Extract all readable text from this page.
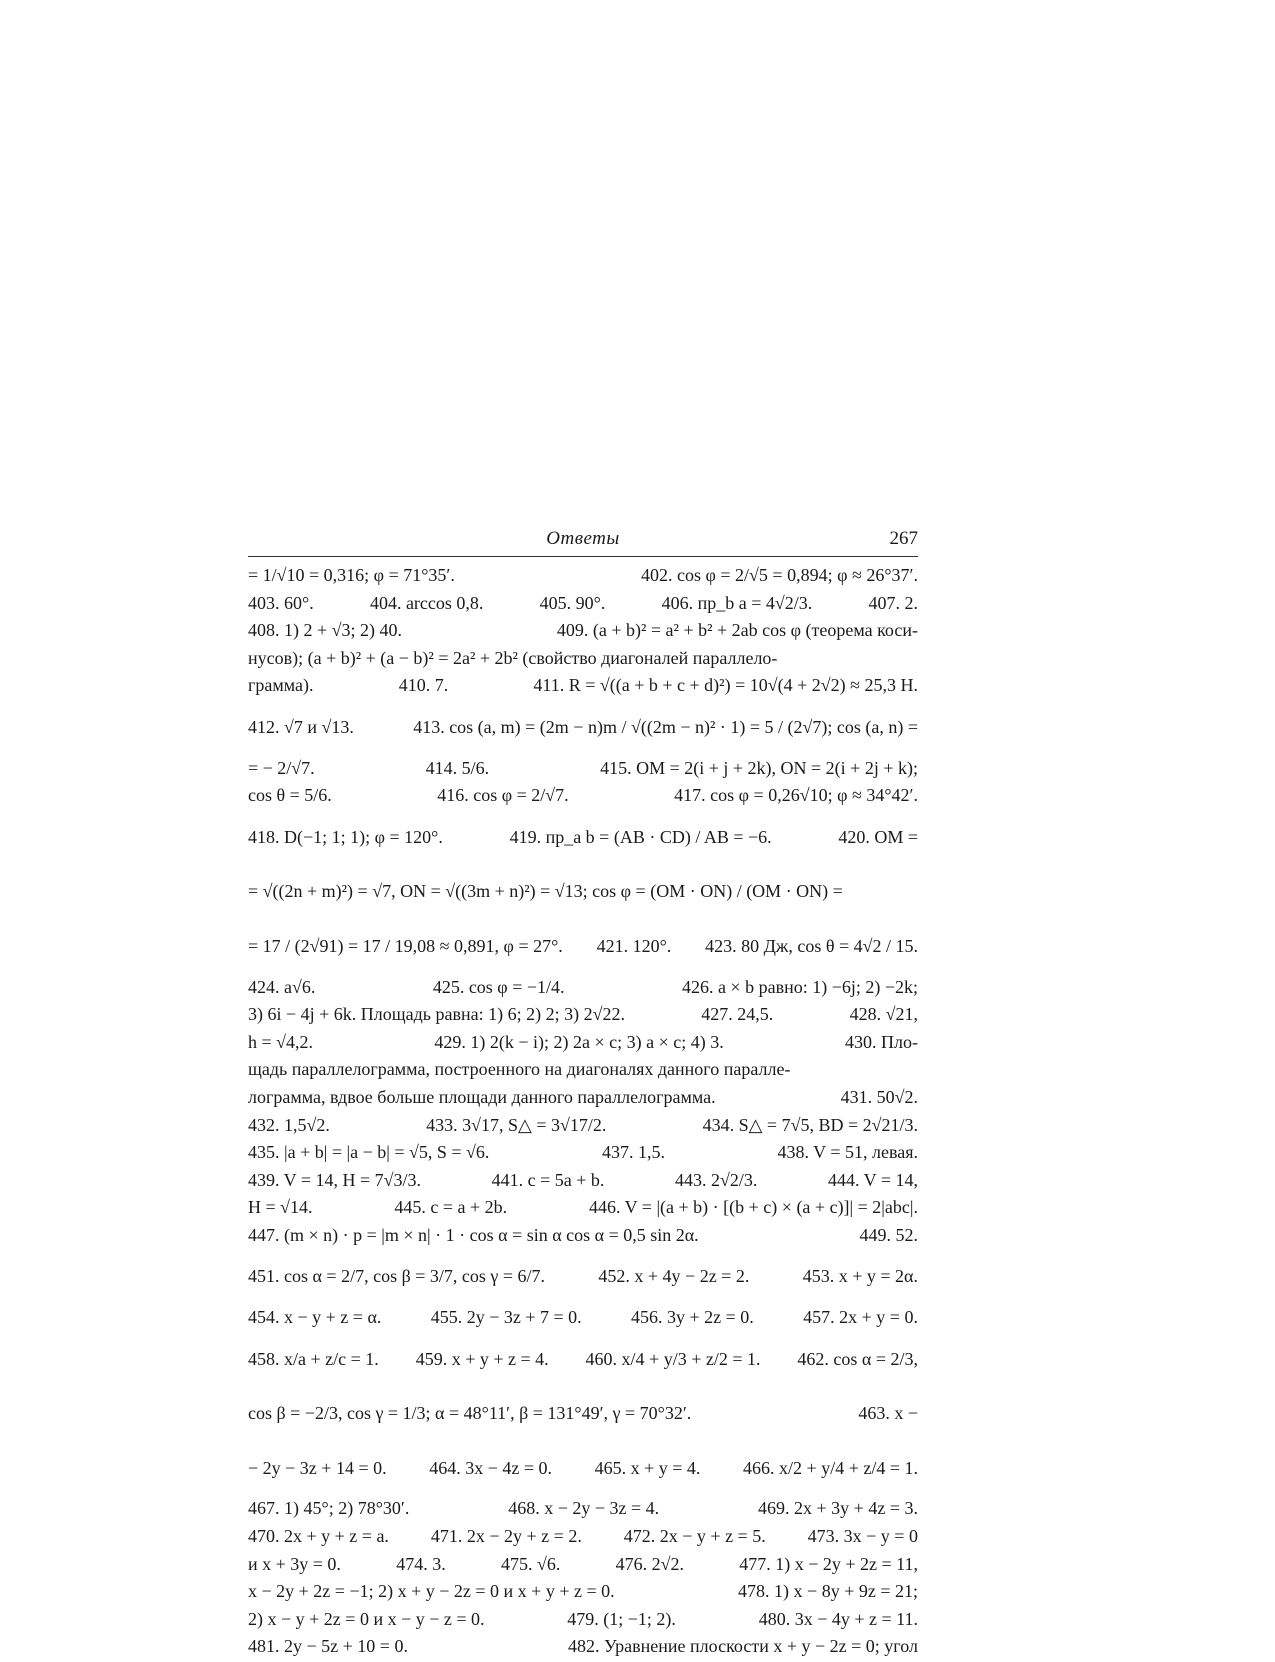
Ответы	267
= 1/√10 = 0,316; φ = 71°35′.	402. cos φ = 2/√5 = 0,894; φ ≈ 26°37′.
403. 60°.	404. arccos 0,8.	405. 90°.	406. пр_b a = 4√2/3.	407. 2.
408. 1) 2 + √3; 2) 40.	409. (a + b)² = a² + b² + 2ab cos φ (теорема коси-
нусов); (a + b)² + (a − b)² = 2a² + 2b² (свойство диагоналей параллело-
грамма).	410. 7.	411. R = √((a + b + c + d)²) = 10√(4 + 2√2) ≈ 25,3 Н.
412. √7 и √13.	413. cos (a, m) = (2m − n)m / √((2m − n)² · 1) = 5 / (2√7); cos (a, n) =
= − 2/√7.	414. 5/6.	415. OM = 2(i + j + 2k), ON = 2(i + 2j + k);
cos θ = 5/6.	416. cos φ = 2/√7.	417. cos φ = 0,26√10; φ ≈ 34°42′.
418. D(−1; 1; 1); φ = 120°.	419. пр_a b = (AB · CD) / AB = −6.	420. OM =
= √((2n + m)²) = √7, ON = √((3m + n)²) = √13; cos φ = (OM · ON) / (OM · ON) =
= 17 / (2√91) = 17 / 19,08 ≈ 0,891, φ = 27°. 421. 120°. 423. 80 Дж, cos θ = 4√2 / 15.
424. a√6.	425. cos φ = −1/4.	426. a × b равно: 1) −6j; 2) −2k;
3) 6i − 4j + 6k. Площадь равна: 1) 6; 2) 2; 3) 2√22.	427. 24,5.	428. √21,
h = √4,2.	429. 1) 2(k − i); 2) 2a × c; 3) a × c; 4) 3.	430. Пло-
щадь параллелограмма, построенного на диагоналях данного паралле-
лограмма, вдвое больше площади данного параллелограмма.	431. 50√2.
432. 1,5√2.	433. 3√17, S△ = 3√17/2.	434. S△ = 7√5, BD = 2√21/3.
435. |a + b| = |a − b| = √5, S = √6.	437. 1,5.	438. V = 51, левая.
439. V = 14, H = 7√3/3.	441. c = 5a + b.	443. 2√2/3.	444. V = 14,
H = √14.	445. c = a + 2b.	446. V = |(a + b) · [(b + c) × (a + c)]| = 2|abc|.
447. (m × n) · p = |m × n| · 1 · cos α = sin α cos α = 0,5 sin 2α.	449. 52.
451. cos α = 2/7, cos β = 3/7, cos γ = 6/7.	452. x + 4y − 2z = 2.	453. x + y = 2α.
454. x − y + z = α.	455. 2y − 3z + 7 = 0.	456. 3y + 2z = 0.	457. 2x + y = 0.
458. x/a + z/c = 1. 459. x + y + z = 4. 460. x/4 + y/3 + z/2 = 1. 462. cos α = 2/3,
cos β = −2/3, cos γ = 1/3; α = 48°11′, β = 131°49′, γ = 70°32′.	463. x −
− 2y − 3z + 14 = 0. 464. 3x − 4z = 0. 465. x + y = 4. 466. x/2 + y/4 + z/4 = 1.
467. 1) 45°; 2) 78°30′.	468. x − 2y − 3z = 4.	469. 2x + 3y + 4z = 3.
470. 2x + y + z = a. 471. 2x − 2y + z = 2. 472. 2x − y + z = 5. 473. 3x − y = 0
и x + 3y = 0.	474. 3.	475. √6.	476. 2√2.	477. 1) x − 2y + 2z = 11,
x − 2y + 2z = −1; 2) x + y − 2z = 0 и x + y + z = 0.	478. 1) x − 8y + 9z = 21;
2) x − y + 2z = 0 и x − y − z = 0.	479. (1; −1; 2).	480. 3x − 4y + z = 11.
481. 2y − 5z + 10 = 0.	482. Уравнение плоскости x + y − 2z = 0; угол
